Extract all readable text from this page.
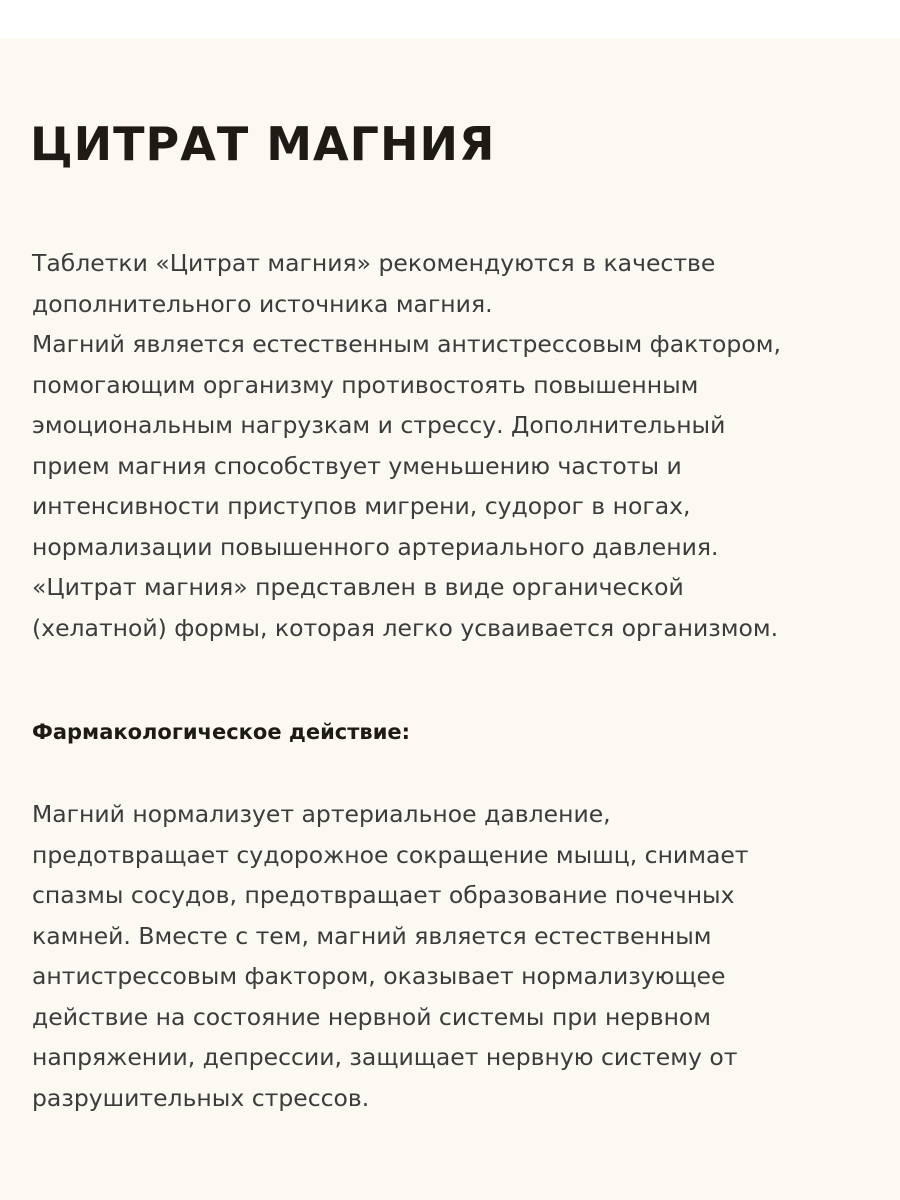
ЦИТРАТ МАГНИЯ

Таблетки «Цитрат магния» рекомендуются в качестве
дополнительного источника магния.
Магний является естественным антистрессовым фактором,
помогающим организму противостоять повышенным
эмоциональным нагрузкам и стрессу. Дополнительный
прием магния способствует уменьшению частоты и
интенсивности приступов мигрени, судорог в ногах,
нормализации повышенного артериального давления.
«Цитрат магния» представлен в виде органической
(хелатной) формы, которая легко усваивается организмом.

Фармакологическое действие:

Магний нормализует артериальное давление,
предотвращает судорожное сокращение мышц, снимает
спазмы сосудов, предотвращает образование почечных
камней. Вместе с тем, магний является естественным
антистрессовым фактором, оказывает нормализующее
действие на состояние нервной системы при нервном
напряжении, депрессии, защищает нервную систему от
разрушительных стрессов.
